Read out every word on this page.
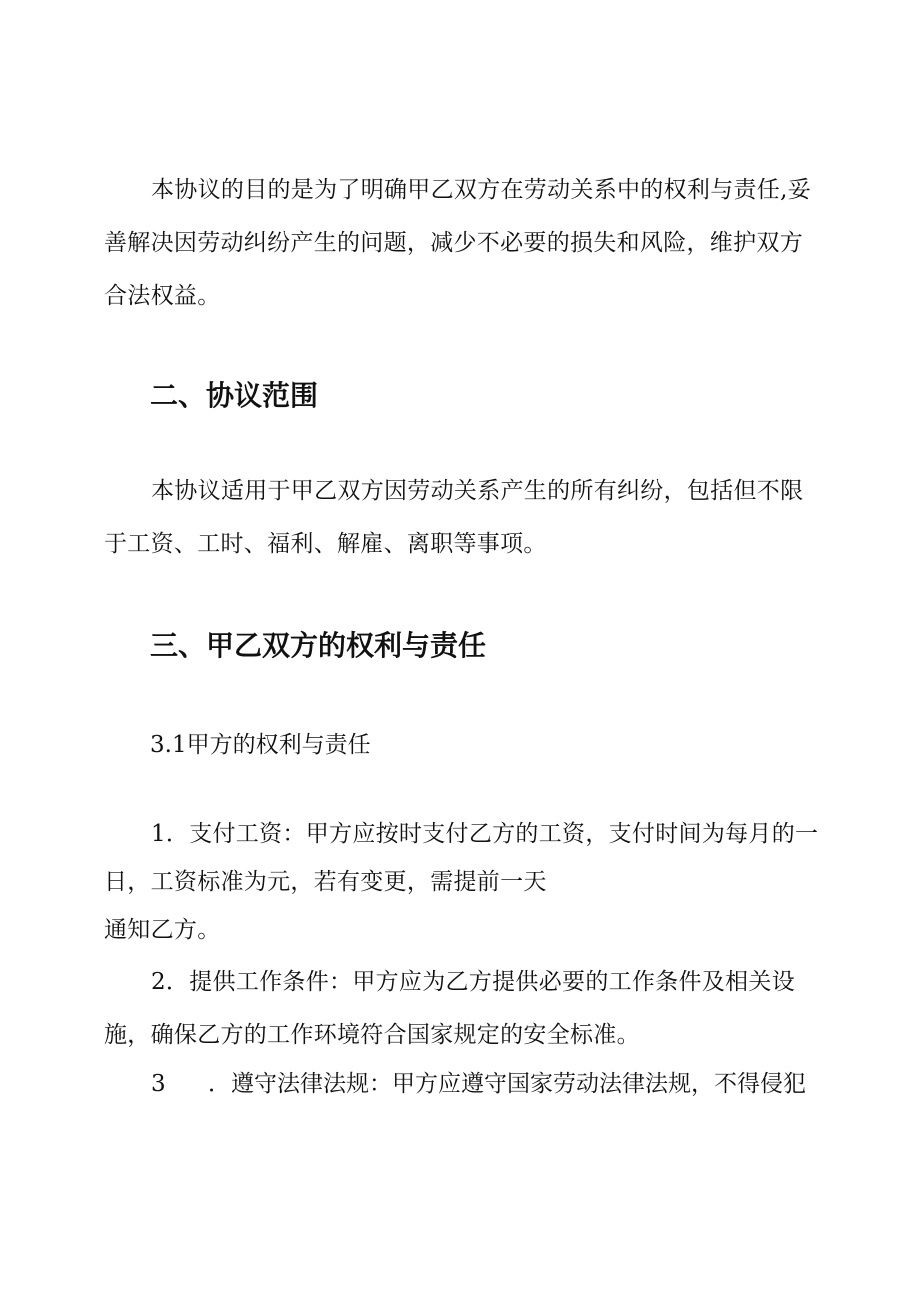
本协议的目的是为了明确甲乙双方在劳动关系中的权利与责任,妥
善解决因劳动纠纷产生的问题，减少不必要的损失和风险，维护双方
合法权益。

二、协议范围

本协议适用于甲乙双方因劳动关系产生的所有纠纷，包括但不限
于工资、工时、福利、解雇、离职等事项。

三、甲乙双方的权利与责任

3.1甲方的权利与责任

1．支付工资：甲方应按时支付乙方的工资，支付时间为每月的一
日，工资标准为元，若有变更，需提前一天
通知乙方。

2．提供工作条件：甲方应为乙方提供必要的工作条件及相关设
施，确保乙方的工作环境符合国家规定的安全标准。

3 ．遵守法律法规：甲方应遵守国家劳动法律法规，不得侵犯
